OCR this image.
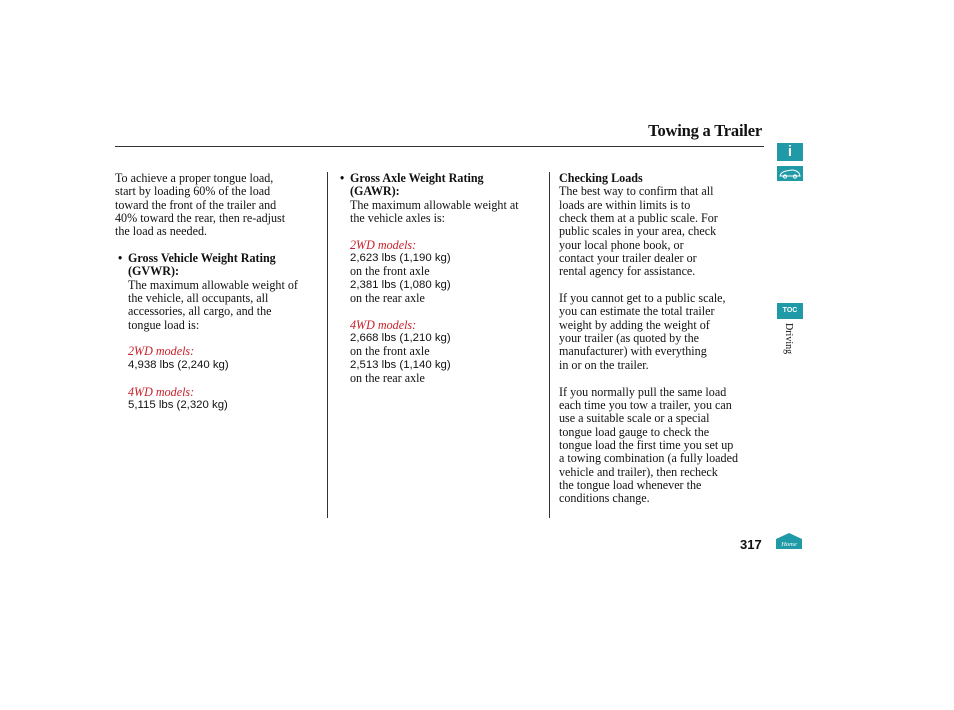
Towing a Trailer
To achieve a proper tongue load,
start by loading 60% of the load
toward the front of the trailer and
40% toward the rear, then re-adjust
the load as needed.
• Gross Vehicle Weight Rating
(GVWR):
The maximum allowable weight of
the vehicle, all occupants, all
accessories, all cargo, and the
tongue load is:
2WD models:
4,938 lbs (2,240 kg)
4WD models:
5,115 lbs (2,320 kg)
• Gross Axle Weight Rating
(GAWR):
The maximum allowable weight at
the vehicle axles is:
2WD models:
2,623 lbs (1,190 kg)
on the front axle
2,381 lbs (1,080 kg)
on the rear axle
4WD models:
2,668 lbs (1,210 kg)
on the front axle
2,513 lbs (1,140 kg)
on the rear axle
Checking Loads
The best way to confirm that all
loads are within limits is to
check them at a public scale. For
public scales in your area, check
your local phone book, or
contact your trailer dealer or
rental agency for assistance.
If you cannot get to a public scale,
you can estimate the total trailer
weight by adding the weight of
your trailer (as quoted by the
manufacturer) with everything
in or on the trailer.
If you normally pull the same load
each time you tow a trailer, you can
use a suitable scale or a special
tongue load gauge to check the
tongue load the first time you set up
a towing combination (a fully loaded
vehicle and trailer), then recheck
the tongue load whenever the
conditions change.
i
TOC
Driving
317	Home
